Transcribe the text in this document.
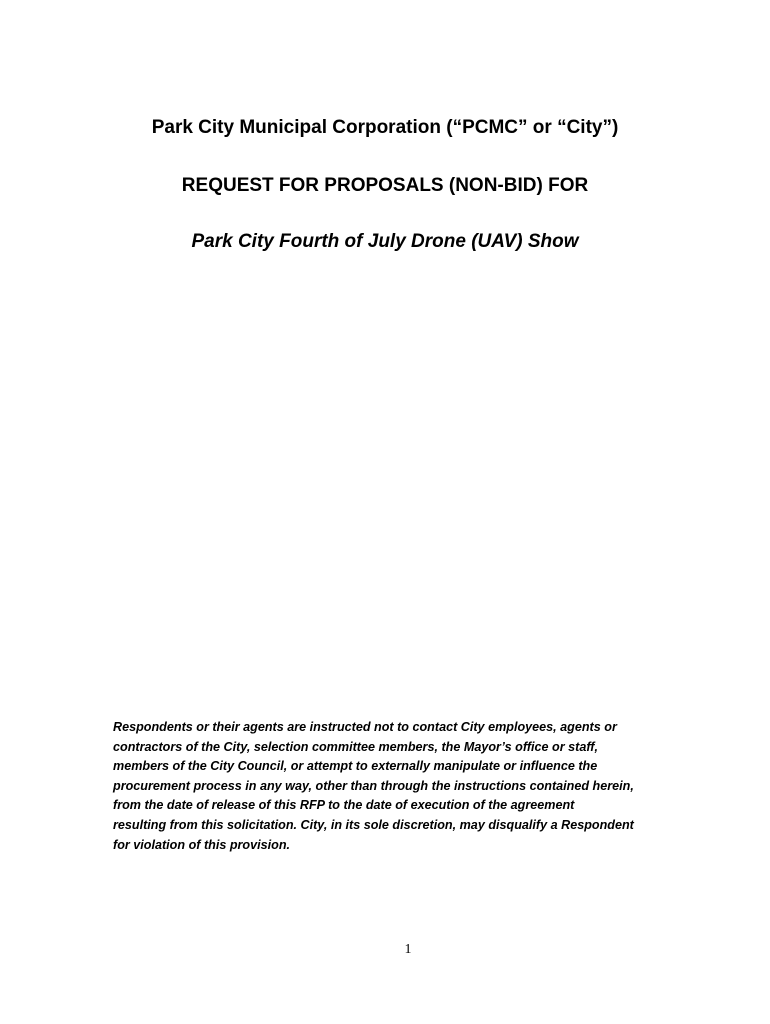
Park City Municipal Corporation (“PCMC” or “City”)
REQUEST FOR PROPOSALS (NON-BID) FOR
Park City Fourth of July Drone (UAV) Show
Respondents or their agents are instructed not to contact City employees, agents or
contractors of the City, selection committee members, the Mayor’s office or staff,
members of the City Council, or attempt to externally manipulate or influence the
procurement process in any way, other than through the instructions contained herein,
from the date of release of this RFP to the date of execution of the agreement
resulting from this solicitation. City, in its sole discretion, may disqualify a Respondent
for violation of this provision.
1
